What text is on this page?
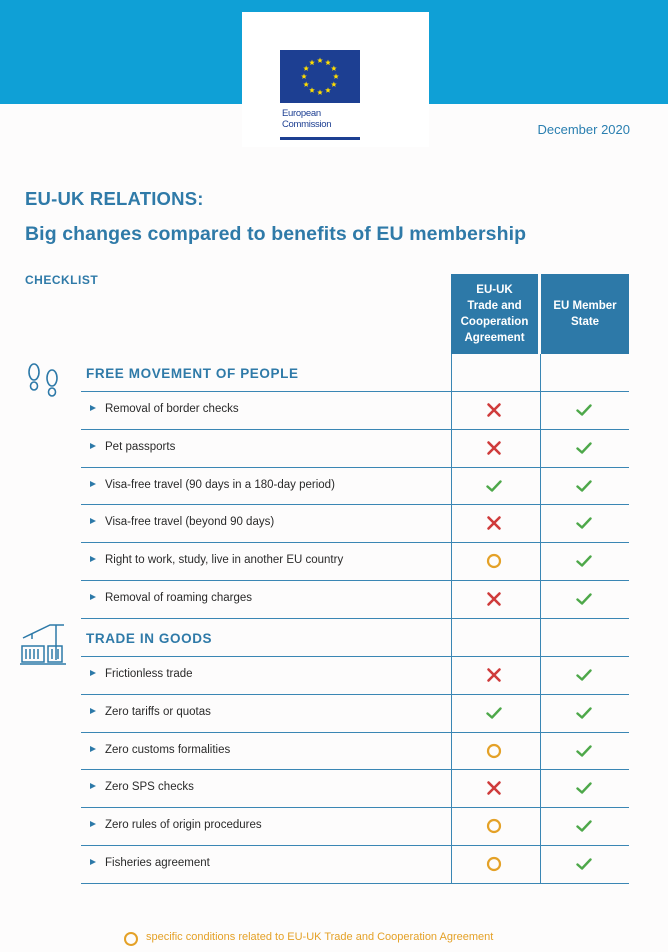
European
Commission	December 2020
EU-UK RELATIONS:
Big changes compared to benefits of EU membership
CHECKLIST
EU-UK
Trade and
Cooperation
Agreement
EU Member
State
FREE MOVEMENT OF PEOPLE
Removal of border checks
Pet passports
Visa-free travel (90 days in a 180-day period)
Visa-free travel (beyond 90 days)
Right to work, study, live in another EU country
Removal of roaming charges
TRADE IN GOODS
Frictionless trade
Zero tariffs or quotas
Zero customs formalities
Zero SPS checks
Zero rules of origin procedures
Fisheries agreement
specific conditions related to EU-UK Trade and Cooperation Agreement
